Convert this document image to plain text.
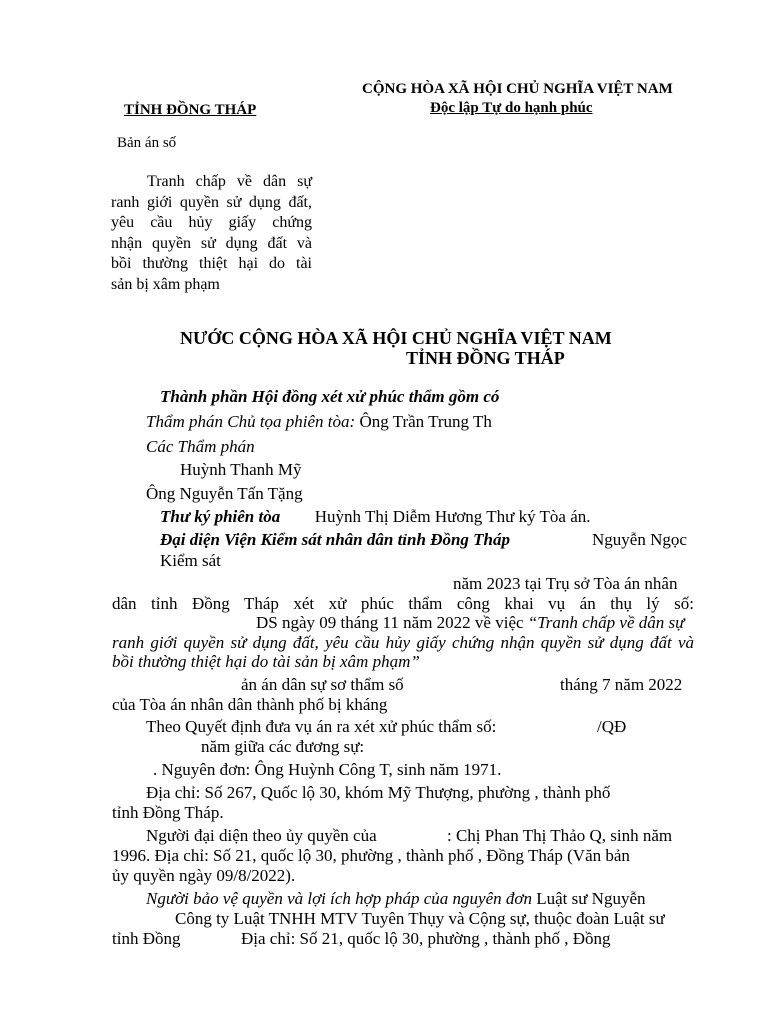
CỘNG HÒA XÃ HỘI CHỦ NGHĨA VIỆT NAM
Độc lập Tự do hạnh phúc
TỈNH ĐỒNG THÁP
Bản án số
Tranh chấp về dân sự
ranh giới quyền sử dụng đất,
yêu cầu hủy giấy chứng
nhận quyền sử dụng đất và
bồi thường thiệt hại do tài
sản bị xâm phạm
NƯỚC CỘNG HÒA XÃ HỘI CHỦ NGHĨA VIỆT NAM
TỈNH ĐỒNG THÁP
Thành phần Hội đồng xét xử phúc thẩm gồm có
Thẩm phán Chủ tọa phiên tòa: Ông Trần Trung Th
Các Thẩm phán
Huỳnh Thanh Mỹ
Ông Nguyễn Tấn Tặng
Thư ký phiên tòa Huỳnh Thị Diễm Hương Thư ký Tòa án.
Đại diện Viện Kiểm sát nhân dân tỉnh Đồng Tháp	Nguyễn Ngọc
Kiểm sát
năm 2023 tại Trụ sở Tòa án nhân
dân tỉnh Đồng Tháp xét xử phúc thẩm công khai vụ án thụ lý số:
DS ngày 09 tháng 11 năm 2022 về việc “Tranh chấp về dân sự
ranh giới quyền sử dụng đất, yêu cầu hủy giấy chứng nhận quyền sử dụng đất và
bồi thường thiệt hại do tài sản bị xâm phạm”
ản án dân sự sơ thẩm số	tháng 7 năm 2022
của Tòa án nhân dân thành phố bị kháng
Theo Quyết định đưa vụ án ra xét xử phúc thẩm số:	/QĐ
năm giữa các đương sự:
. Nguyên đơn: Ông Huỳnh Công T, sinh năm 1971.
Địa chỉ: Số 267, Quốc lộ 30, khóm Mỹ Thượng, phường , thành phố
tỉnh Đồng Tháp.
Người đại diện theo ủy quyền của	: Chị Phan Thị Thảo Q, sinh năm
1996. Địa chỉ: Số 21, quốc lộ 30, phường , thành phố , Đồng Tháp (Văn bản
ủy quyền ngày 09/8/2022).
Người bảo vệ quyền và lợi ích hợp pháp của nguyên đơn Luật sư Nguyễn
Công ty Luật TNHH MTV Tuyên Thụy và Cộng sự, thuộc đoàn Luật sư
tỉnh Đồng	Địa chỉ: Số 21, quốc lộ 30, phường , thành phố , Đồng
